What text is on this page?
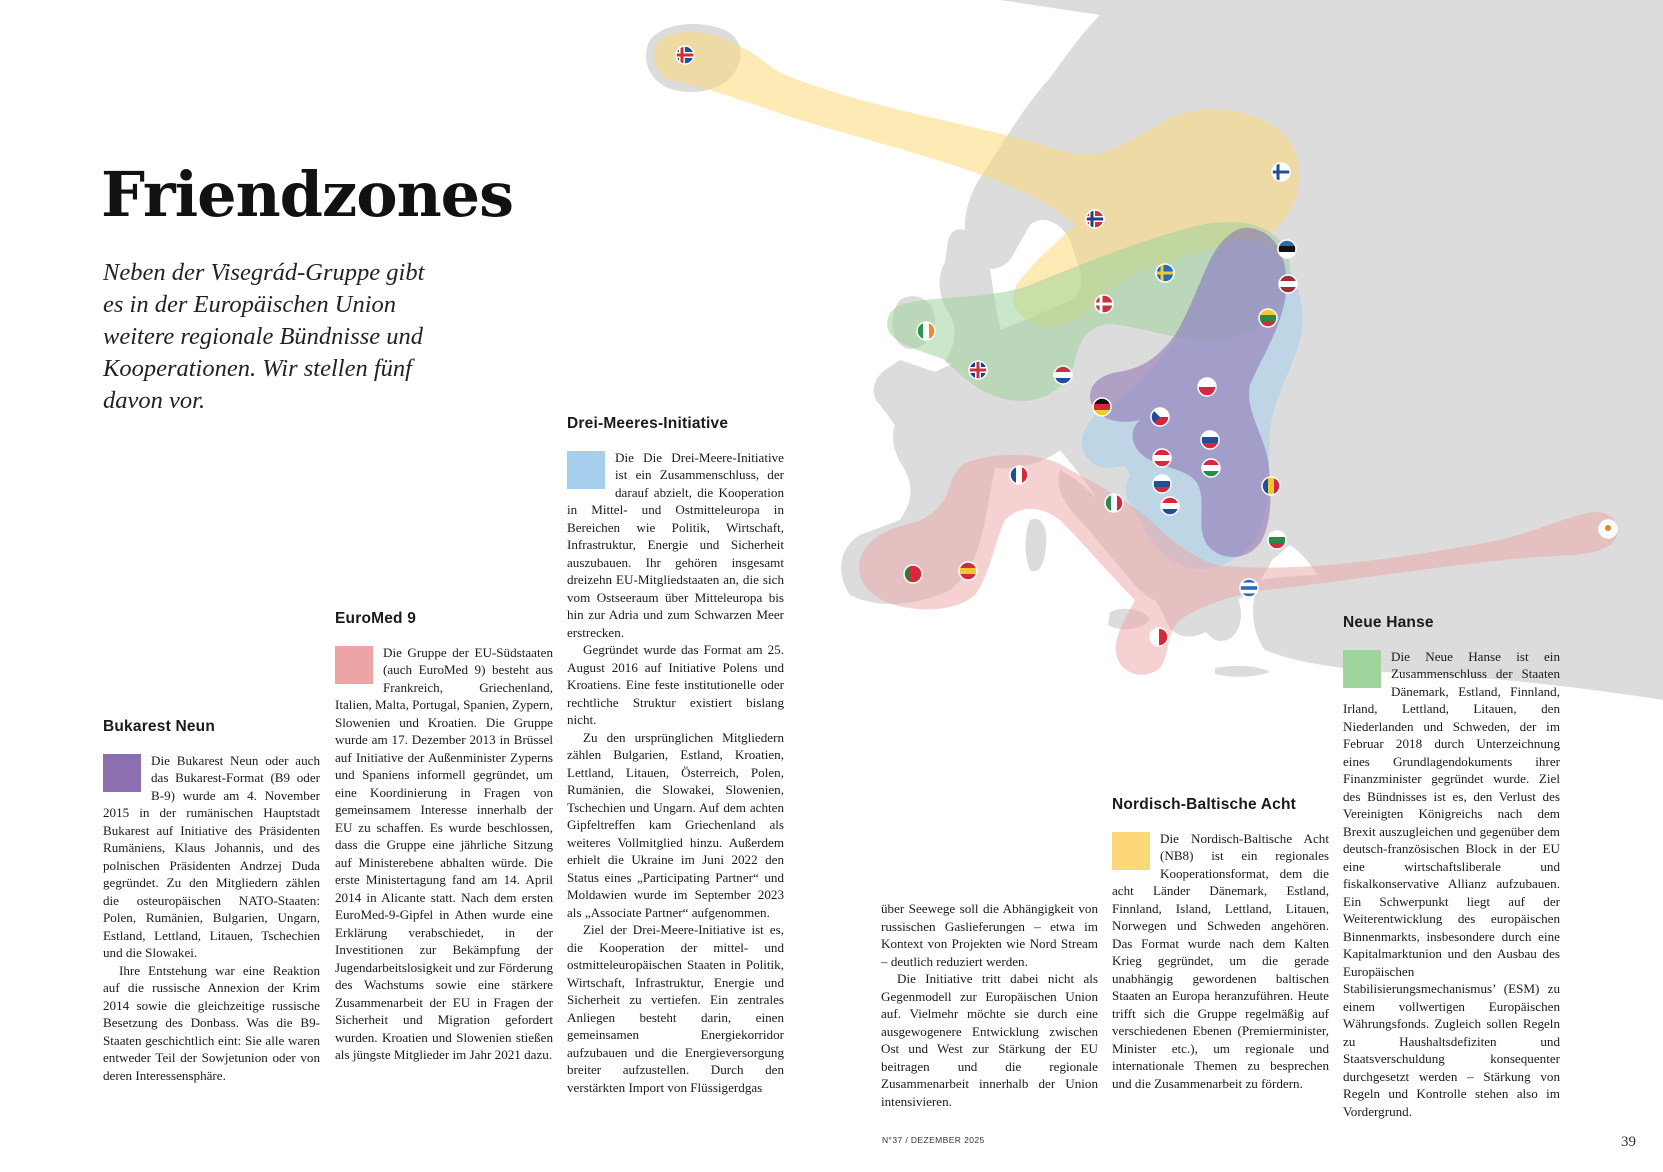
Friendzones

Neben der Visegrád-Gruppe gibt es in der Europäischen Union weitere regionale Bündnisse und Kooperationen. Wir stellen fünf davon vor.

Bukarest Neun

Die Bukarest Neun oder auch das Bukarest-Format (B9 oder B-9) wurde am 4. November 2015 in der rumänischen Hauptstadt Bukarest auf Initiative des Präsidenten Rumäniens, Klaus Johannis, und des polnischen Präsidenten Andrzej Duda gegründet. Zu den Mitgliedern zählen die osteuropäischen NATO-Staaten: Polen, Rumänien, Bulgarien, Ungarn, Estland, Lettland, Litauen, Tschechien und die Slowakei.

Ihre Entstehung war eine Reaktion auf die russische Annexion der Krim 2014 sowie die gleichzeitige russische Besetzung des Donbass. Was die B9-Staaten geschichtlich eint: Sie alle waren entweder Teil der Sowjetunion oder von deren Interessensphäre.

EuroMed 9

Die Gruppe der EU-Südstaaten (auch EuroMed 9) besteht aus Frankreich, Griechenland, Italien, Malta, Portugal, Spanien, Zypern, Slowenien und Kroatien. Die Gruppe wurde am 17. Dezember 2013 in Brüssel auf Initiative der Außenminister Zyperns und Spaniens informell gegründet, um eine Koordinierung in Fragen von gemeinsamem Interesse innerhalb der EU zu schaffen. Es wurde beschlossen, dass die Gruppe eine jährliche Sitzung auf Ministerebene abhalten würde. Die erste Ministertagung fand am 14. April 2014 in Alicante statt. Nach dem ersten EuroMed-9-Gipfel in Athen wurde eine Erklärung verabschiedet, in der Investitionen zur Bekämpfung der Jugendarbeitslosigkeit und zur Förderung des Wachstums sowie eine stärkere Zusammenarbeit der EU in Fragen der Sicherheit und Migration gefordert wurden. Kroatien und Slowenien stießen als jüngste Mitglieder im Jahr 2021 dazu.

Drei-Meeres-Initiative

Die Die Drei-Meere-Initiative ist ein Zusammenschluss, der darauf abzielt, die Kooperation in Mittel- und Ostmitteleuropa in Bereichen wie Politik, Wirtschaft, Infrastruktur, Energie und Sicherheit auszubauen. Ihr gehören insgesamt dreizehn EU-Mitgliedstaaten an, die sich vom Ostseeraum über Mitteleuropa bis hin zur Adria und zum Schwarzen Meer erstrecken.

Gegründet wurde das Format am 25. August 2016 auf Initiative Polens und Kroatiens. Eine feste institutionelle oder rechtliche Struktur existiert bislang nicht.

Zu den ursprünglichen Mitgliedern zählen Bulgarien, Estland, Kroatien, Lettland, Litauen, Österreich, Polen, Rumänien, die Slowakei, Slowenien, Tschechien und Ungarn. Auf dem achten Gipfeltreffen kam Griechenland als weiteres Vollmitglied hinzu. Außerdem erhielt die Ukraine im Juni 2022 den Status eines „Participating Partner“ und Moldawien wurde im September 2023 als „Associate Partner“ aufgenommen.

Ziel der Drei-Meere-Initiative ist es, die Kooperation der mittel- und ostmitteleuropäischen Staaten in Politik, Wirtschaft, Infrastruktur, Energie und Sicherheit zu vertiefen. Ein zentrales Anliegen besteht darin, einen gemeinsamen Energiekorridor aufzubauen und die Energieversorgung breiter aufzustellen. Durch den verstärkten Import von Flüssigerdgas

über Seewege soll die Abhängigkeit von russischen Gaslieferungen – etwa im Kontext von Projekten wie Nord Stream – deutlich reduziert werden.

Die Initiative tritt dabei nicht als Gegenmodell zur Europäischen Union auf. Vielmehr möchte sie durch eine ausgewogenere Entwicklung zwischen Ost und West zur Stärkung der EU beitragen und die regionale Zusammenarbeit innerhalb der Union intensivieren.

Nordisch-Baltische Acht

Die Nordisch-Baltische Acht (NB8) ist ein regionales Kooperationsformat, dem die acht Länder Dänemark, Estland, Finnland, Island, Lettland, Litauen, Norwegen und Schweden angehören. Das Format wurde nach dem Kalten Krieg gegründet, um die gerade unabhängig gewordenen baltischen Staaten an Europa heranzuführen. Heute trifft sich die Gruppe regelmäßig auf verschiedenen Ebenen (Premierminister, Minister etc.), um regionale und internationale Themen zu besprechen und die Zusammenarbeit zu fördern.

Neue Hanse

Die Neue Hanse ist ein Zusammenschluss der Staaten Dänemark, Estland, Finnland, Irland, Lettland, Litauen, den Niederlanden und Schweden, der im Februar 2018 durch Unterzeichnung eines Grundlagendokuments ihrer Finanzminister gegründet wurde. Ziel des Bündnisses ist es, den Verlust des Vereinigten Königreichs nach dem Brexit auszugleichen und gegenüber dem deutsch-französischen Block in der EU eine wirtschaftsliberale und fiskalkonservative Allianz aufzubauen. Ein Schwerpunkt liegt auf der Weiterentwicklung des europäischen Binnenmarkts, insbesondere durch eine Kapitalmarktunion und den Ausbau des Europäischen Stabilisierungsmechanismus’ (ESM) zu einem vollwertigen Europäischen Währungsfonds. Zugleich sollen Regeln zu Haushaltsdefiziten und Staatsverschuldung konsequenter durchgesetzt werden – Stärkung von Regeln und Kontrolle stehen also im Vordergrund.

N°37 / DEZEMBER 2025	39
